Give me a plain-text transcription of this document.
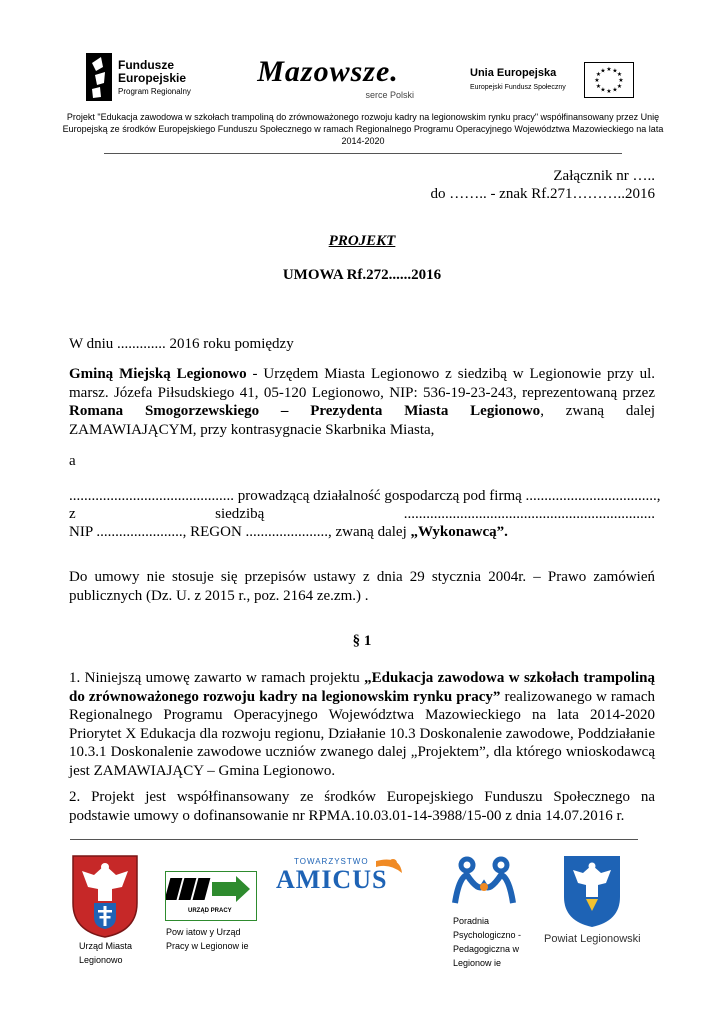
Fundusze
Europejskie
Program Regionalny
Mazowsze.
serce Polski
Unia Europejska
Europejski Fundusz Społeczny
★ ★ ★
★
★
★
★
★
★
★
★ ★
Projekt "Edukacja zawodowa w szkołach trampoliną do zrównoważonego rozwoju kadry na legionowskim rynku pracy" współfinansowany przez Unię Europejską ze środków Europejskiego Funduszu Społecznego w ramach Regionalnego Programu Operacyjnego Województwa Mazowieckiego na lata 2014-2020
Załącznik nr …..
do …….. - znak Rf.271………..2016
PROJEKT
UMOWA Rf.272......2016
W dniu ............. 2016 roku pomiędzy
Gminą Miejską Legionowo - Urzędem Miasta Legionowo z siedzibą w Legionowie przy ul. marsz. Józefa Piłsudskiego 41, 05-120 Legionowo, NIP: 536-19-23-243, reprezentowaną przez Romana Smogorzewskiego – Prezydenta Miasta Legionowo, zwaną dalej ZAMAWIAJĄCYM, przy kontrasygnacie Skarbnika Miasta,
a
............................................ prowadzącą działalność gospodarczą pod firmą ...................................,
z	siedzibą	...................................................................
NIP ......................., REGON ......................, zwaną dalej „Wykonawcą”.
Do umowy nie stosuje się przepisów ustawy z dnia 29 stycznia 2004r. – Prawo zamówień publicznych (Dz. U. z 2015 r., poz. 2164 ze.zm.) .
§ 1
1. Niniejszą umowę zawarto w ramach projektu „Edukacja zawodowa w szkołach trampoliną do zrównoważonego rozwoju kadry na legionowskim rynku pracy” realizowanego w ramach Regionalnego Programu Operacyjnego Województwa Mazowieckiego na lata 2014-2020 Priorytet X Edukacja dla rozwoju regionu, Działanie 10.3 Doskonalenie zawodowe, Poddziałanie 10.3.1 Doskonalenie zawodowe uczniów zwanego dalej „Projektem”, dla którego wnioskodawcą jest ZAMAWIAJĄCY – Gmina Legionowo.
2. Projekt jest współfinansowany ze środków Europejskiego Funduszu Społecznego na podstawie umowy o dofinansowanie nr RPMA.10.03.01-14-3988/15-00 z dnia 14.07.2016 r.
Urząd Miasta
Legionowo
URZĄD PRACY
Pow iatow y Urząd
Pracy w Legionow ie
TOWARZYSTWO
AMICUS
Poradnia
Psychologiczno -
Pedagogiczna w
Legionow ie
Powiat Legionowski
